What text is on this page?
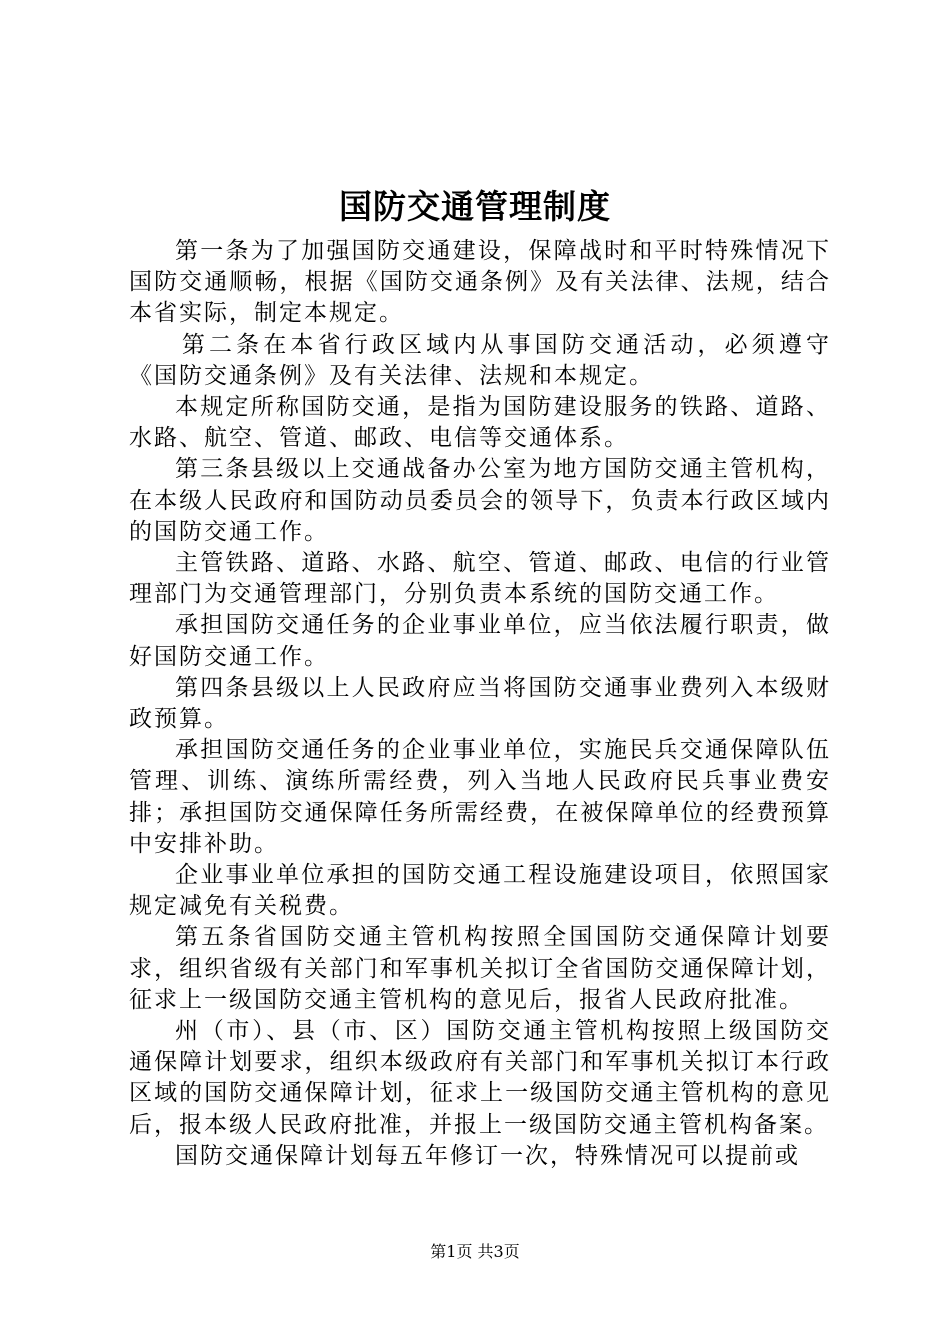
国防交通管理制度

第一条为了加强国防交通建设，保障战时和平时特殊情况下国防交通顺畅，根据《国防交通条例》及有关法律、法规，结合本省实际，制定本规定。

第二条在本省行政区域内从事国防交通活动，必须遵守《国防交通条例》及有关法律、法规和本规定。

本规定所称国防交通，是指为国防建设服务的铁路、道路、水路、航空、管道、邮政、电信等交通体系。

第三条县级以上交通战备办公室为地方国防交通主管机构，在本级人民政府和国防动员委员会的领导下，负责本行政区域内的国防交通工作。

主管铁路、道路、水路、航空、管道、邮政、电信的行业管理部门为交通管理部门，分别负责本系统的国防交通工作。

承担国防交通任务的企业事业单位，应当依法履行职责，做好国防交通工作。

第四条县级以上人民政府应当将国防交通事业费列入本级财政预算。

承担国防交通任务的企业事业单位，实施民兵交通保障队伍管理、训练、演练所需经费，列入当地人民政府民兵事业费安排；承担国防交通保障任务所需经费，在被保障单位的经费预算中安排补助。

企业事业单位承担的国防交通工程设施建设项目，依照国家规定减免有关税费。

第五条省国防交通主管机构按照全国国防交通保障计划要求，组织省级有关部门和军事机关拟订全省国防交通保障计划，征求上一级国防交通主管机构的意见后，报省人民政府批准。

州（市）、县（市、区）国防交通主管机构按照上级国防交通保障计划要求，组织本级政府有关部门和军事机关拟订本行政区域的国防交通保障计划，征求上一级国防交通主管机构的意见后，报本级人民政府批准，并报上一级国防交通主管机构备案。

国防交通保障计划每五年修订一次，特殊情况可以提前或

第1页 共3页
